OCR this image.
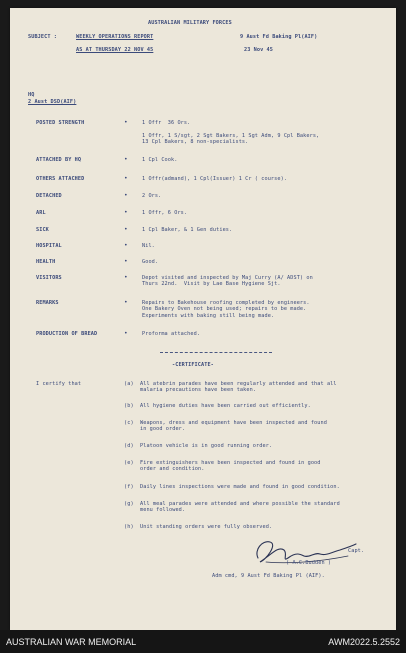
AUSTRALIAN MILITARY FORCES
SUBJECT :	WEEKLY OPERATIONS REPORT
AS AT THURSDAY 22 NOV 45
9 Aust Fd Baking Pl(AIF)
23 Nov 45
HQ
2 Aust DSD(AIF)
POSTED STRENGTH	•	1 Offr  36 Ors.

1 Offr, 1 S/sgt, 2 Sgt Bakers, 1 Sgt Adm, 9 Cpl Bakers,
13 Cpl Bakers, 8 non-specialists.
ATTACHED BY HQ	•	1 Cpl Cook.
OTHERS ATTACHED	•	1 Offr(admand), 1 Cpl(Issuer) 1 Cr ( course).
DETACHED	•	2 Ors.
ARL	•	1 Offr, 6 Ors.
SICK	•	1 Cpl Baker, & 1 Gen duties.
HOSPITAL	•	Nil.
HEALTH	•	Good.
VISITORS	•	Depot visited and inspected by Maj Curry (A/ ADST) on
Thurs 22nd.  Visit by Lae Base Hygiene Sjt.
REMARKS	•	Repairs to Bakehouse roofing completed by engineers.
One Bakery Oven not being used; repairs to be made.
Experiments with baking still being made.
PRODUCTION OF BREAD	•	Proforma attached.
-CERTIFICATE-
I certify that	(a) All atebrin parades have been regularly attended and that all
malaria precautions have been taken.
(b) All hygiene duties have been carried out efficiently.
(c) Weapons, dress and equipment have been inspected and found
in good order.
(d) Platoon vehicle is in good running order.
(e) Fire extinguishers have been inspected and found in good
order and condition.
(f) Daily lines inspections were made and found in good condition.
(g) All meal parades were attended and where possible the standard
menu followed.
(h) Unit standing orders were fully observed.
Capt.
( A.C.Budden )
Adm cmd, 9 Aust Fd Baking Pl (AIF).
AUSTRALIAN WAR MEMORIAL	AWM2022.5.2552
